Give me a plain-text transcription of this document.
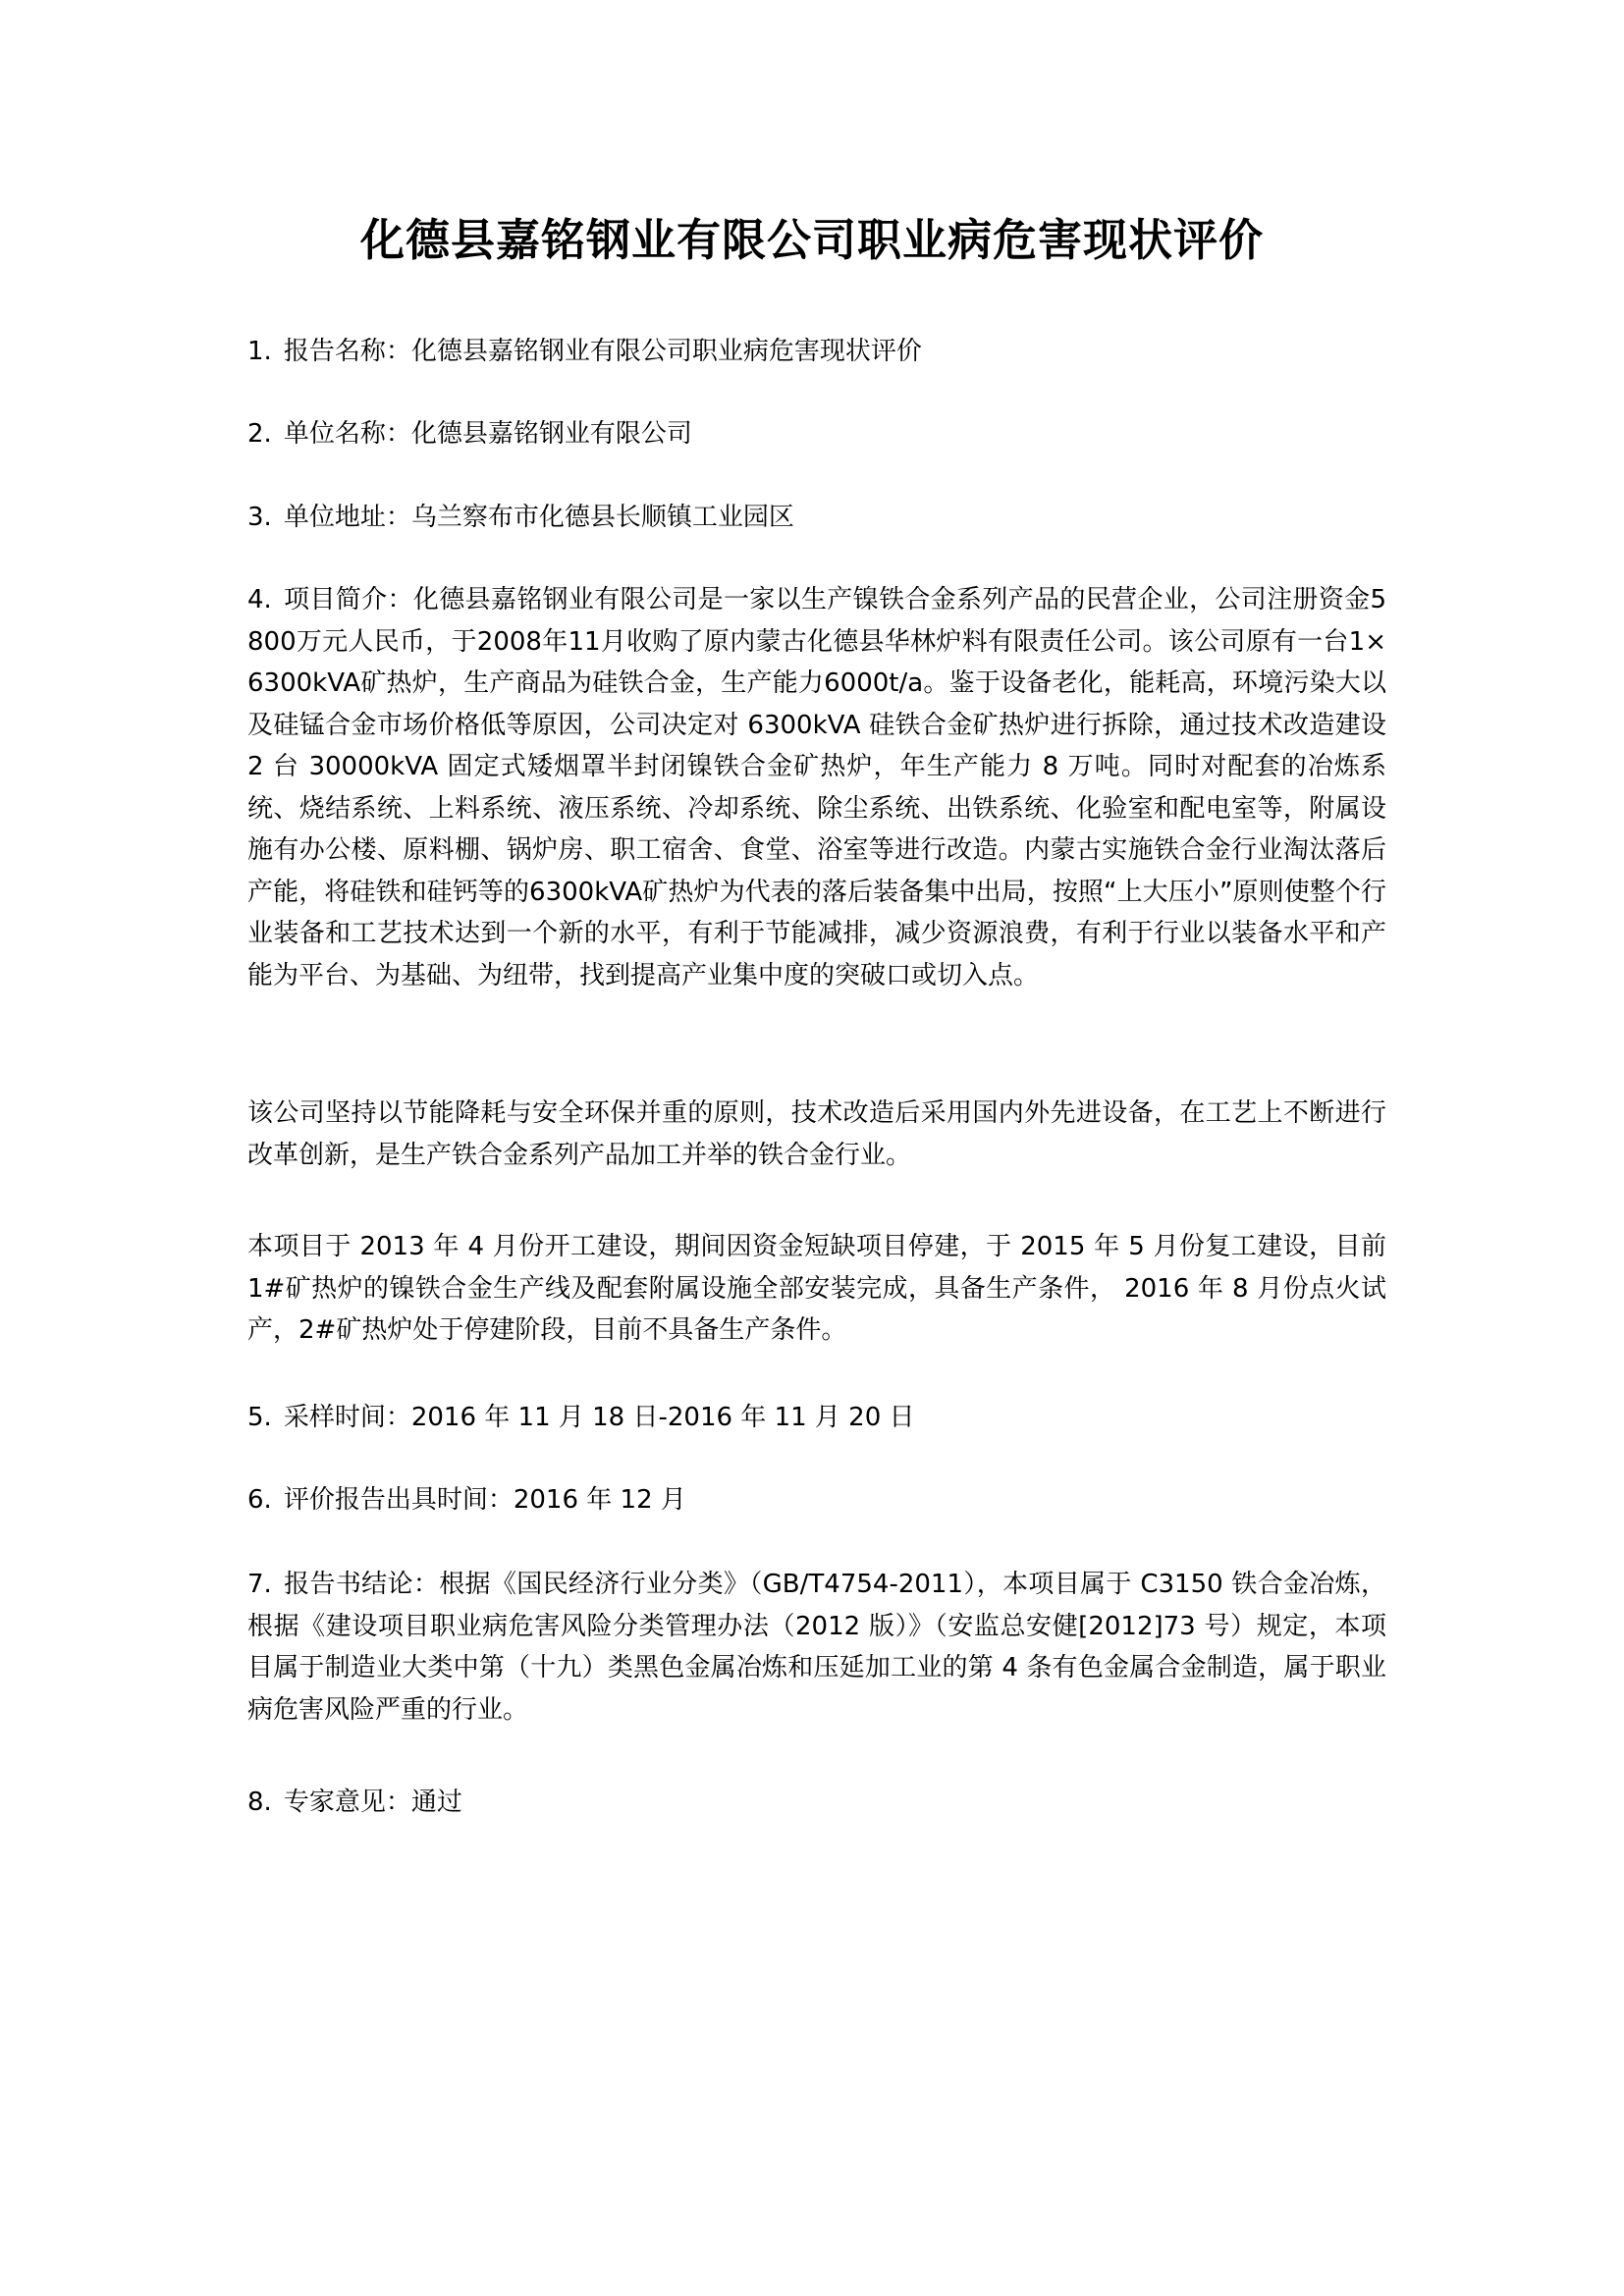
化德县嘉铭钢业有限公司职业病危害现状评价

1. 报告名称：化德县嘉铭钢业有限公司职业病危害现状评价

2. 单位名称：化德县嘉铭钢业有限公司

3. 单位地址：乌兰察布市化德县长顺镇工业园区

4. 项目简介：化德县嘉铭钢业有限公司是一家以生产镍铁合金系列产品的民营企业，公司注册资金5800万元人民币，于2008年11月收购了原内蒙古化德县华林炉料有限责任公司。该公司原有一台1×6300kVA矿热炉，生产商品为硅铁合金，生产能力6000t/a。鉴于设备老化，能耗高，环境污染大以及硅锰合金市场价格低等原因，公司决定对 6300kVA 硅铁合金矿热炉进行拆除，通过技术改造建设 2 台 30000kVA 固定式矮烟罩半封闭镍铁合金矿热炉，年生产能力 8 万吨。同时对配套的冶炼系统、烧结系统、上料系统、液压系统、冷却系统、除尘系统、出铁系统、化验室和配电室等，附属设施有办公楼、原料棚、锅炉房、职工宿舍、食堂、浴室等进行改造。内蒙古实施铁合金行业淘汰落后产能，将硅铁和硅钙等的6300kVA矿热炉为代表的落后装备集中出局，按照“上大压小”原则使整个行业装备和工艺技术达到一个新的水平，有利于节能减排，减少资源浪费，有利于行业以装备水平和产能为平台、为基础、为纽带，找到提高产业集中度的突破口或切入点。

该公司坚持以节能降耗与安全环保并重的原则，技术改造后采用国内外先进设备，在工艺上不断进行改革创新，是生产铁合金系列产品加工并举的铁合金行业。

本项目于 2013 年 4 月份开工建设，期间因资金短缺项目停建，于 2015 年 5 月份复工建设，目前 1#矿热炉的镍铁合金生产线及配套附属设施全部安装完成，具备生产条件， 2016 年 8 月份点火试产，2#矿热炉处于停建阶段，目前不具备生产条件。

5. 采样时间：2016 年 11 月 18 日-2016 年 11 月 20 日

6. 评价报告出具时间：2016 年 12 月

7. 报告书结论：根据《国民经济行业分类》（GB/T4754-2011），本项目属于 C3150 铁合金冶炼，根据《建设项目职业病危害风险分类管理办法（2012 版）》（安监总安健[2012]73 号）规定，本项目属于制造业大类中第（十九）类黑色金属冶炼和压延加工业的第 4 条有色金属合金制造，属于职业病危害风险严重的行业。

8. 专家意见：通过
